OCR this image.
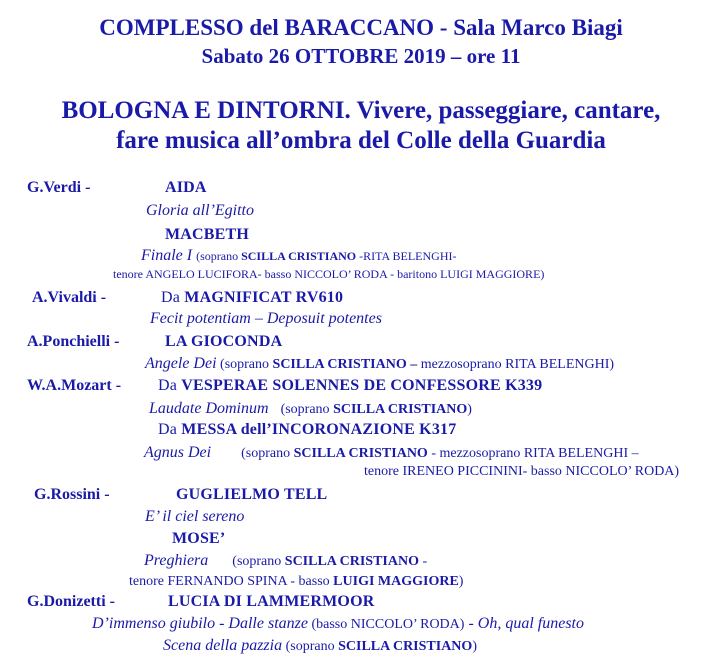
COMPLESSO del BARACCANO - Sala Marco Biagi
Sabato 26 OTTOBRE 2019 – ore 11
BOLOGNA E DINTORNI. Vivere, passeggiare, cantare,
fare musica all’ombra del Colle della Guardia
G.Verdi -	AIDA
Gloria all’Egitto
MACBETH
Finale I (soprano SCILLA CRISTIANO -RITA BELENGHI-
tenore ANGELO LUCIFORA- basso NICCOLO’ RODA - baritono LUIGI MAGGIORE)
A.Vivaldi -	Da MAGNIFICAT RV610
Fecit potentiam – Deposuit potentes
A.Ponchielli -	LA GIOCONDA
Angele Dei (soprano SCILLA CRISTIANO – mezzosoprano RITA BELENGHI)
W.A.Mozart - Da VESPERAE SOLENNES DE CONFESSORE K339
Laudate Dominum (soprano SCILLA CRISTIANO)
Da MESSA dell’INCORONAZIONE K317
Agnus Dei (soprano SCILLA CRISTIANO - mezzosoprano RITA BELENGHI –
tenore IRENEO PICCININI- basso NICCOLO’ RODA)
G.Rossini -	GUGLIELMO TELL
E’ il ciel sereno
MOSE’
Preghiera (soprano SCILLA CRISTIANO -
tenore FERNANDO SPINA - basso LUIGI MAGGIORE)
G.Donizetti -	LUCIA DI LAMMERMOOR
D’immenso giubilo - Dalle stanze (basso NICCOLO’ RODA) - Oh, qual funesto
Scena della pazzia (soprano SCILLA CRISTIANO)
